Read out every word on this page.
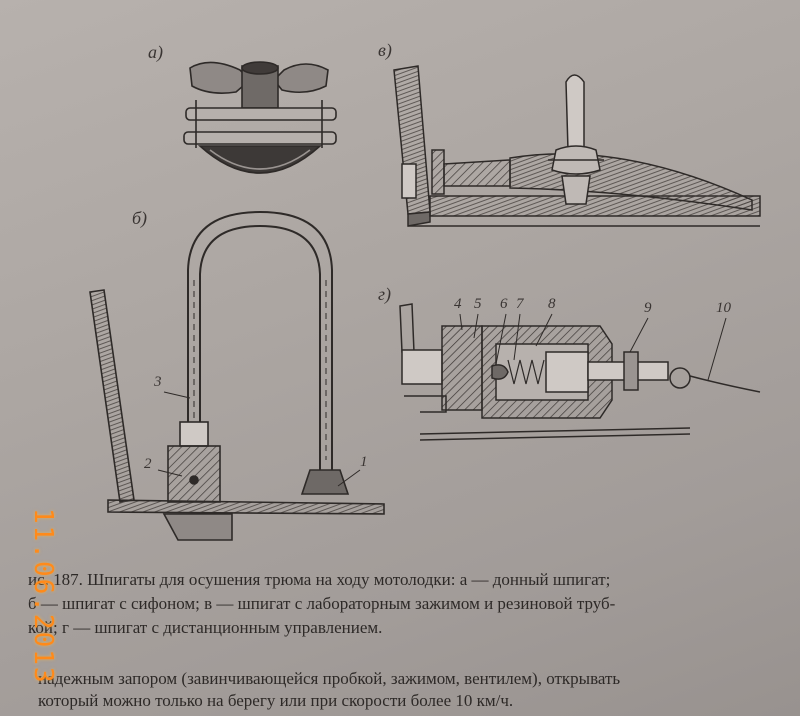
а)	в)
б)
г)
3
2	1
4 5 6 7 8	9	10
ис. 187. Шпигаты для осушения трюма на ходу мотолодки: а — донный шпигат;
б — шпигат с сифоном; в — шпигат с лабораторным зажимом и резиновой труб-
кой; г — шпигат с дистанционным управлением.
надежным запором (завинчивающейся пробкой, зажимом, вентилем), открывать
который можно только на берегу или при скорости более 10 км/ч.
11.06.2013
